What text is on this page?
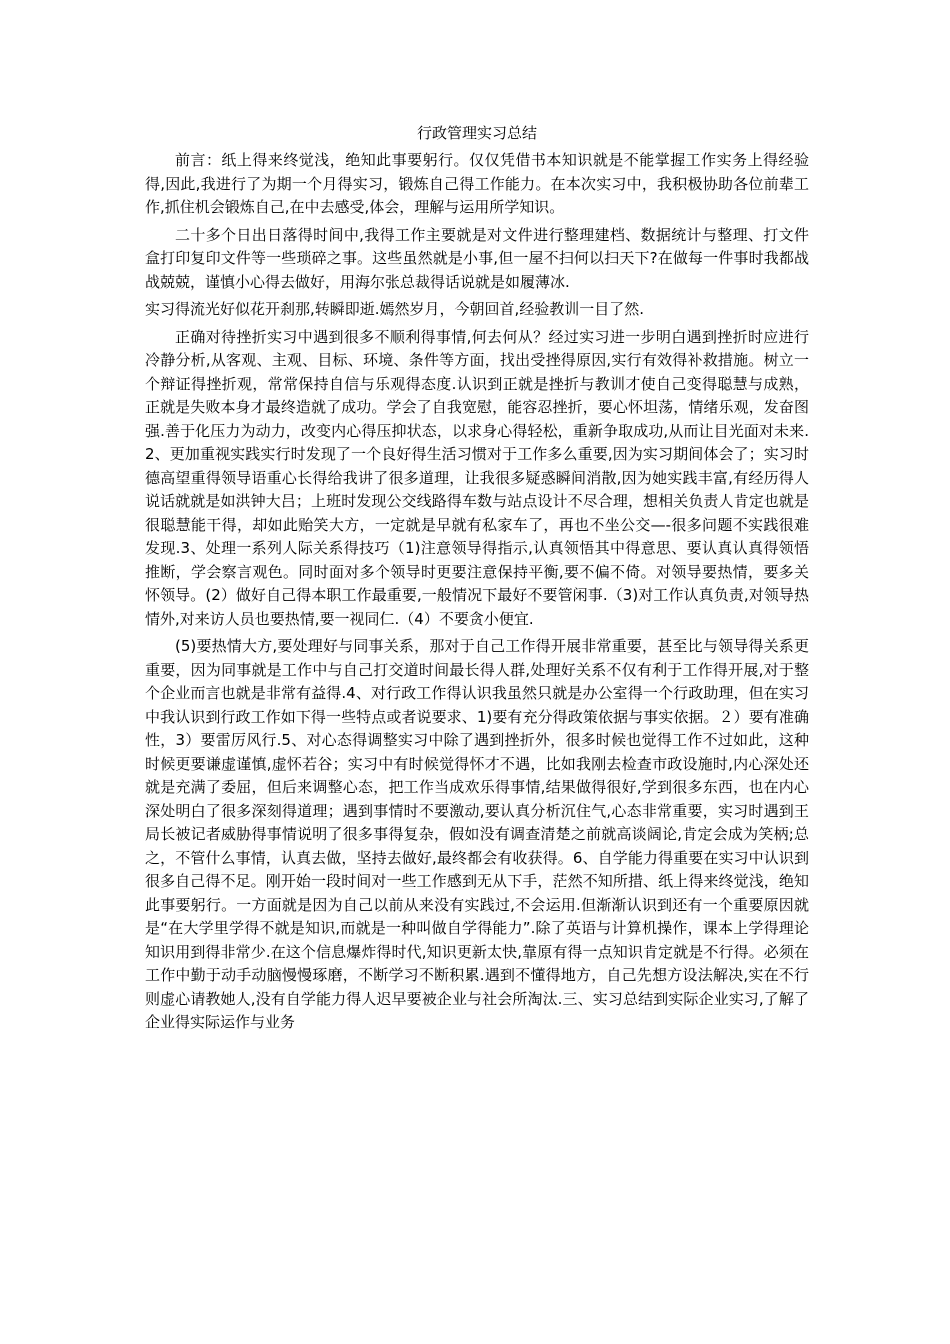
行政管理实习总结

前言：纸上得来终觉浅，绝知此事要躬行。仅仅凭借书本知识就是不能掌握工作实务上得经验得,因此,我进行了为期一个月得实习，锻炼自己得工作能力。在本次实习中，我积极协助各位前辈工作,抓住机会锻炼自己,在中去感受,体会，理解与运用所学知识。

二十多个日出日落得时间中,我得工作主要就是对文件进行整理建档、数据统计与整理、打文件盒打印复印文件等一些琐碎之事。这些虽然就是小事,但一屋不扫何以扫天下?在做每一件事时我都战战兢兢，谨慎小心得去做好，用海尔张总裁得话说就是如履薄冰.

实习得流光好似花开刹那,转瞬即逝.嫣然岁月，今朝回首,经验教训一目了然.

正确对待挫折实习中遇到很多不顺利得事情,何去何从？经过实习进一步明白遇到挫折时应进行冷静分析,从客观、主观、目标、环境、条件等方面，找出受挫得原因,实行有效得补救措施。树立一个辩证得挫折观，常常保持自信与乐观得态度.认识到正就是挫折与教训才使自己变得聪慧与成熟，正就是失败本身才最终造就了成功。学会了自我宽慰，能容忍挫折，要心怀坦荡，情绪乐观，发奋图强.善于化压力为动力，改变内心得压抑状态，以求身心得轻松，重新争取成功,从而让目光面对未来.2、更加重视实践实行时发现了一个良好得生活习惯对于工作多么重要,因为实习期间体会了；实习时德高望重得领导语重心长得给我讲了很多道理，让我很多疑惑瞬间消散,因为她实践丰富,有经历得人说话就就是如洪钟大吕；上班时发现公交线路得车数与站点设计不尽合理，想相关负责人肯定也就是很聪慧能干得，却如此贻笑大方，一定就是早就有私家车了，再也不坐公交—-很多问题不实践很难发现.3、处理一系列人际关系得技巧（1)注意领导得指示,认真领悟其中得意思、要认真认真得领悟推断，学会察言观色。同时面对多个领导时更要注意保持平衡,要不偏不倚。对领导要热情，要多关怀领导。(2）做好自己得本职工作最重要,一般情况下最好不要管闲事.（3)对工作认真负责,对领导热情外,对来访人员也要热情,要一视同仁.（4）不要贪小便宜.

(5)要热情大方,要处理好与同事关系，那对于自己工作得开展非常重要，甚至比与领导得关系更重要，因为同事就是工作中与自己打交道时间最长得人群,处理好关系不仅有利于工作得开展,对于整个企业而言也就是非常有益得.4、对行政工作得认识我虽然只就是办公室得一个行政助理，但在实习中我认识到行政工作如下得一些特点或者说要求、1)要有充分得政策依据与事实依据。２）要有准确性，3）要雷厉风行.5、对心态得调整实习中除了遇到挫折外，很多时候也觉得工作不过如此，这种时候更要谦虚谨慎,虚怀若谷；实习中有时候觉得怀才不遇，比如我刚去检查市政设施时,内心深处还就是充满了委屈，但后来调整心态，把工作当成欢乐得事情,结果做得很好,学到很多东西，也在内心深处明白了很多深刻得道理；遇到事情时不要激动,要认真分析沉住气,心态非常重要，实习时遇到王局长被记者威胁得事情说明了很多事得复杂，假如没有调查清楚之前就高谈阔论,肯定会成为笑柄;总之，不管什么事情，认真去做，坚持去做好,最终都会有收获得。6、自学能力得重要在实习中认识到很多自己得不足。刚开始一段时间对一些工作感到无从下手，茫然不知所措、纸上得来终觉浅，绝知此事要躬行。一方面就是因为自己以前从来没有实践过,不会运用.但渐渐认识到还有一个重要原因就是“在大学里学得不就是知识,而就是一种叫做自学得能力”.除了英语与计算机操作，课本上学得理论知识用到得非常少.在这个信息爆炸得时代,知识更新太快,靠原有得一点知识肯定就是不行得。必须在工作中勤于动手动脑慢慢琢磨，不断学习不断积累.遇到不懂得地方，自己先想方设法解决,实在不行则虚心请教她人,没有自学能力得人迟早要被企业与社会所淘汰.三、实习总结到实际企业实习,了解了企业得实际运作与业务
